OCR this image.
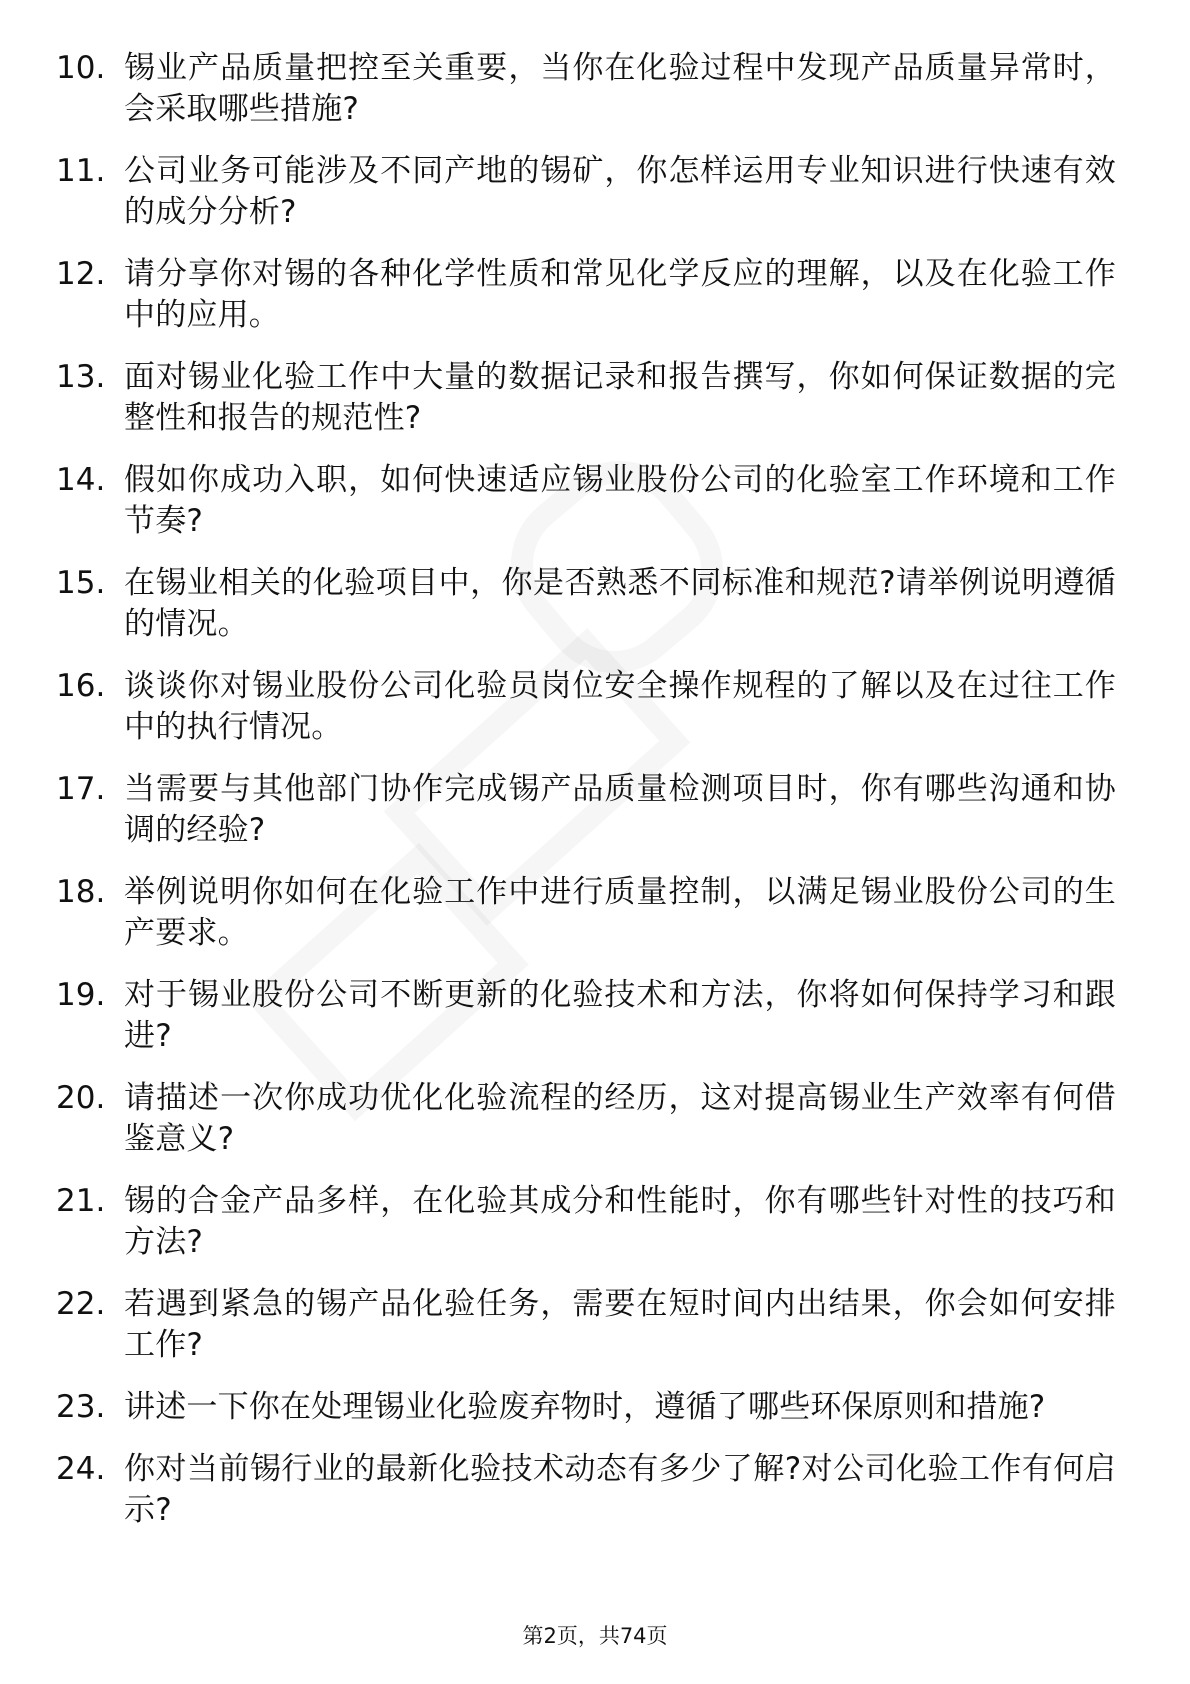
10. 锡业产品质量把控至关重要，当你在化验过程中发现产品质量异常时，会采取哪些措施?
11. 公司业务可能涉及不同产地的锡矿，你怎样运用专业知识进行快速有效的成分分析?
12. 请分享你对锡的各种化学性质和常见化学反应的理解，以及在化验工作中的应用。
13. 面对锡业化验工作中大量的数据记录和报告撰写，你如何保证数据的完整性和报告的规范性?
14. 假如你成功入职，如何快速适应锡业股份公司的化验室工作环境和工作节奏?
15. 在锡业相关的化验项目中，你是否熟悉不同标准和规范?请举例说明遵循的情况。
16. 谈谈你对锡业股份公司化验员岗位安全操作规程的了解以及在过往工作中的执行情况。
17. 当需要与其他部门协作完成锡产品质量检测项目时，你有哪些沟通和协调的经验?
18. 举例说明你如何在化验工作中进行质量控制，以满足锡业股份公司的生产要求。
19. 对于锡业股份公司不断更新的化验技术和方法，你将如何保持学习和跟进?
20. 请描述一次你成功优化化验流程的经历，这对提高锡业生产效率有何借鉴意义?
21. 锡的合金产品多样，在化验其成分和性能时，你有哪些针对性的技巧和方法?
22. 若遇到紧急的锡产品化验任务，需要在短时间内出结果，你会如何安排工作?
23. 讲述一下你在处理锡业化验废弃物时，遵循了哪些环保原则和措施?
24. 你对当前锡行业的最新化验技术动态有多少了解?对公司化验工作有何启示?
第2页，共74页
